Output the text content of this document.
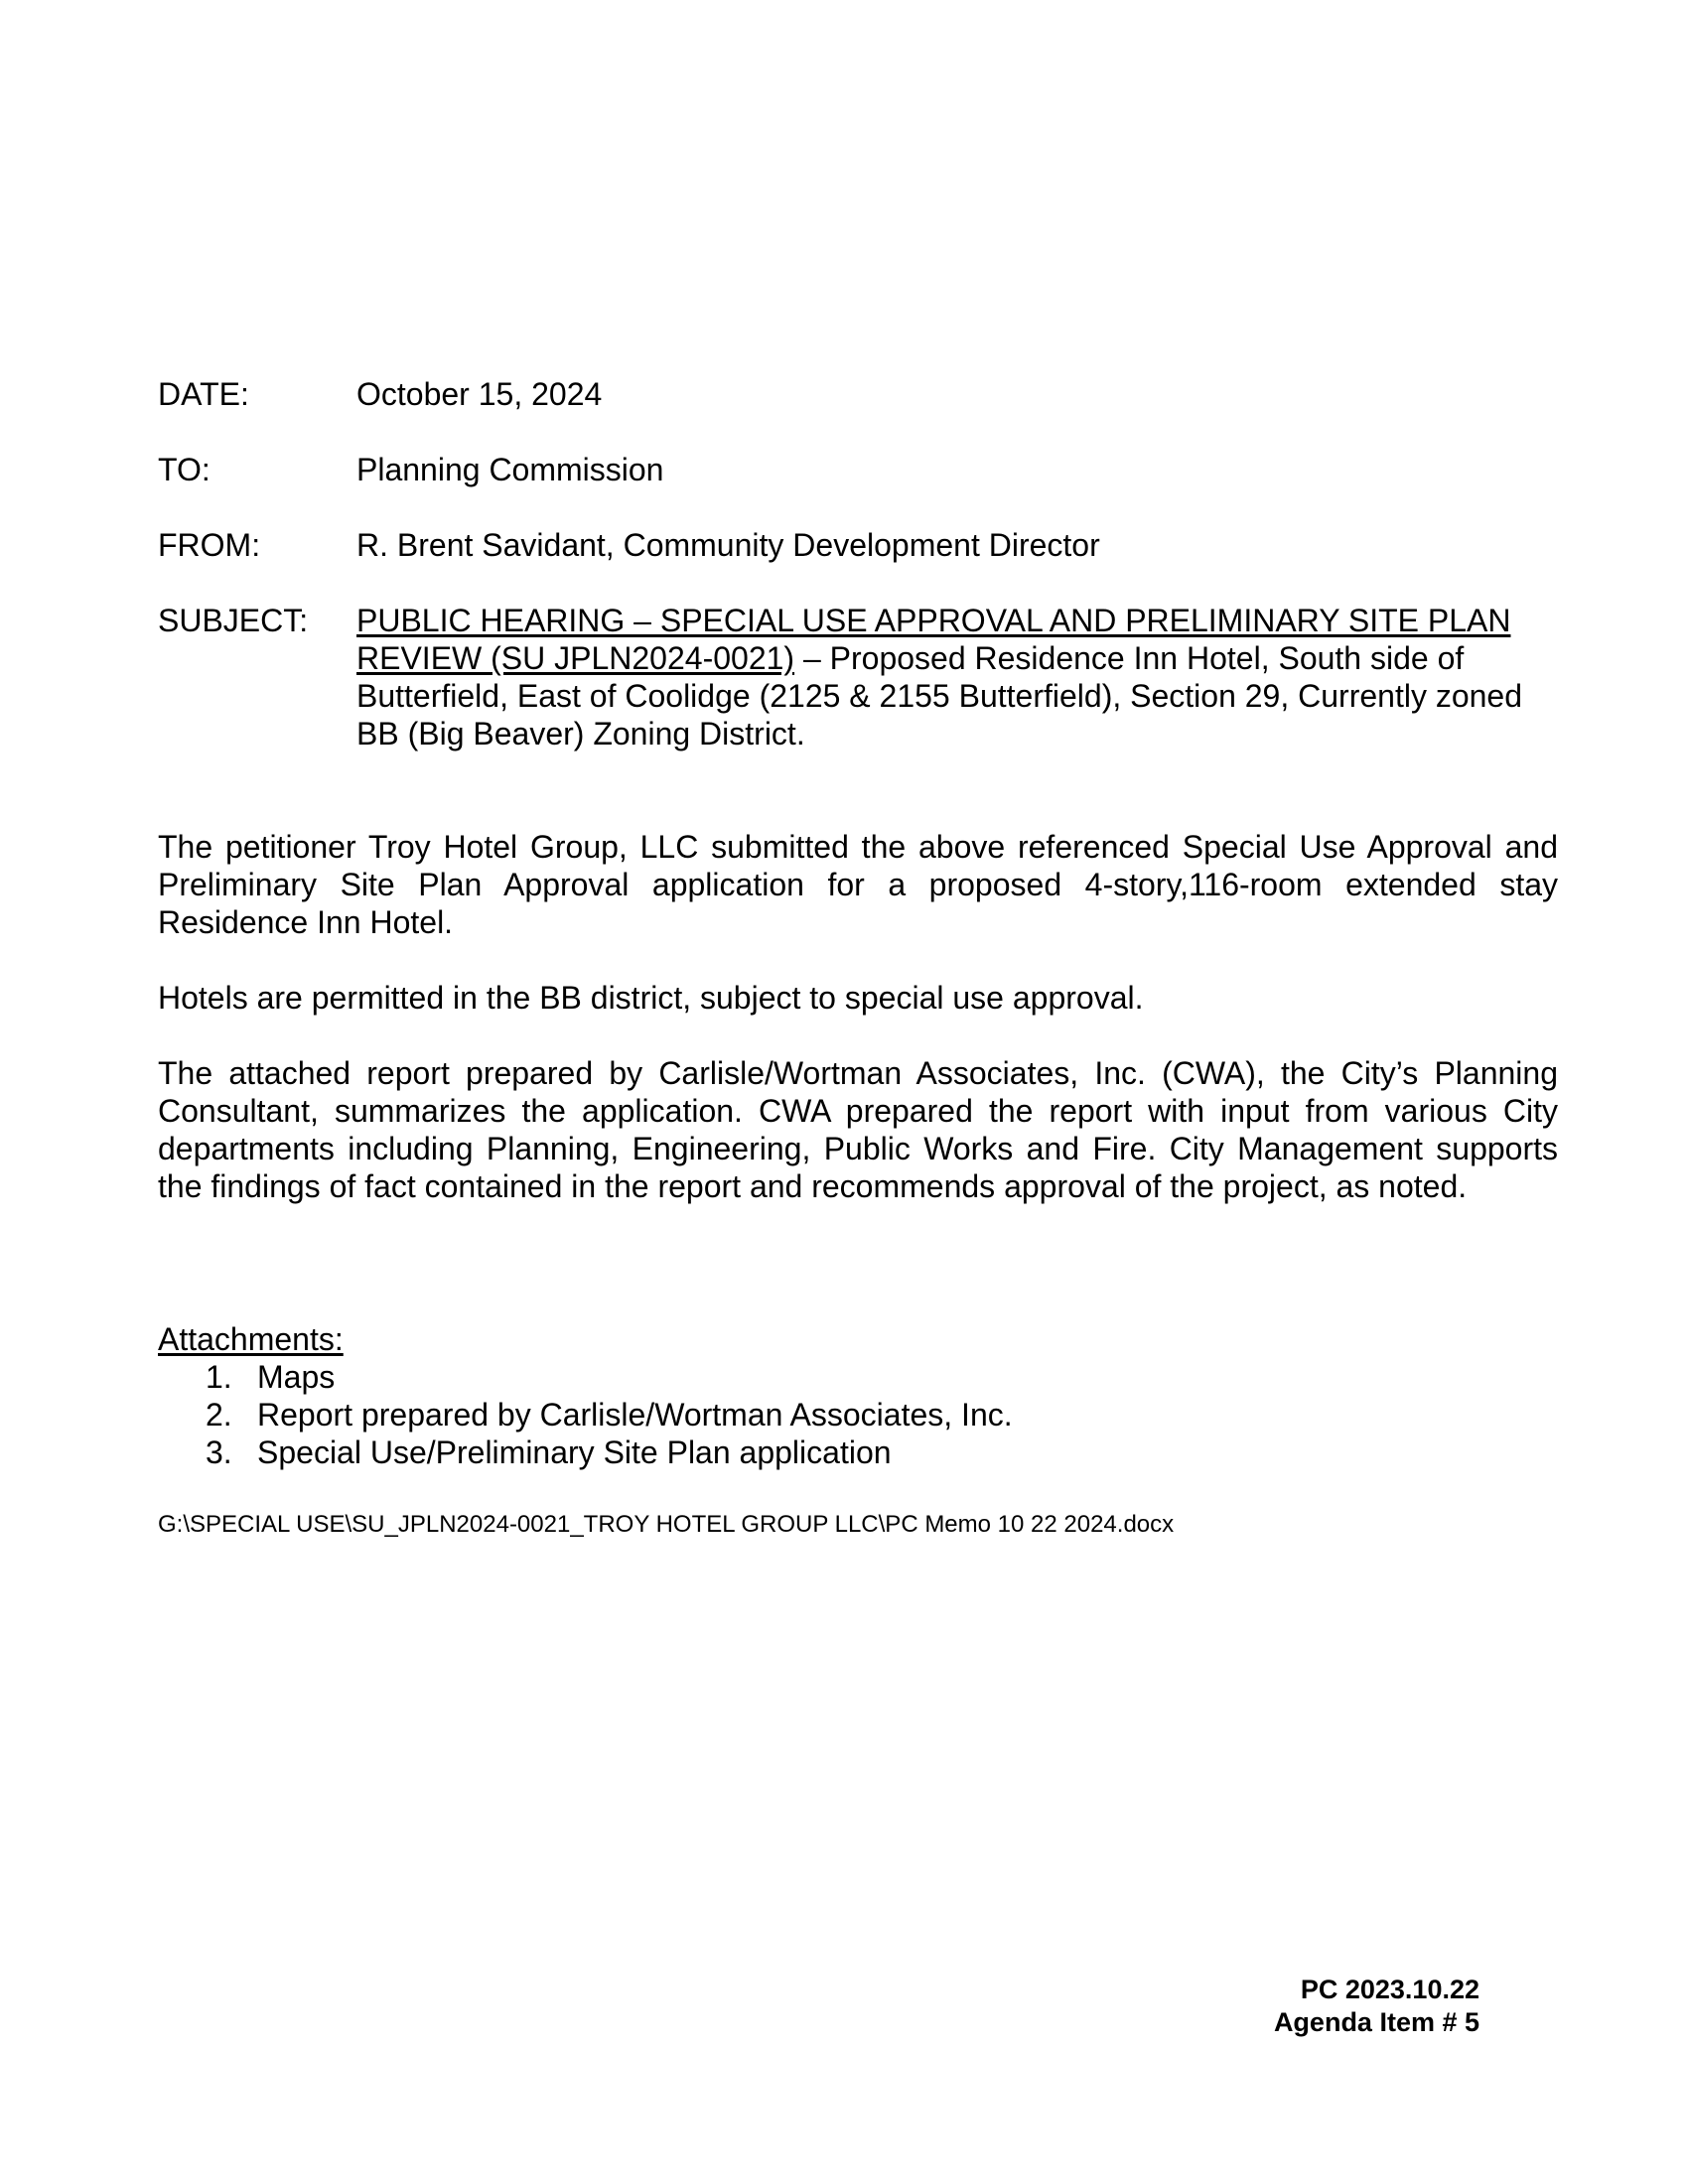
DATE:	October 15, 2024
TO:	Planning Commission
FROM:	R. Brent Savidant, Community Development Director
SUBJECT:	PUBLIC HEARING – SPECIAL USE APPROVAL AND PRELIMINARY SITE PLAN REVIEW (SU JPLN2024-0021) – Proposed Residence Inn Hotel, South side of Butterfield, East of Coolidge (2125 & 2155 Butterfield), Section 29, Currently zoned BB (Big Beaver) Zoning District.

The petitioner Troy Hotel Group, LLC submitted the above referenced Special Use Approval and Preliminary Site Plan Approval application for a proposed 4-story,116-room extended stay Residence Inn Hotel.

Hotels are permitted in the BB district, subject to special use approval.

The attached report prepared by Carlisle/Wortman Associates, Inc. (CWA), the City’s Planning Consultant, summarizes the application. CWA prepared the report with input from various City departments including Planning, Engineering, Public Works and Fire. City Management supports the findings of fact contained in the report and recommends approval of the project, as noted.

Attachments:
1. Maps
2. Report prepared by Carlisle/Wortman Associates, Inc.
3. Special Use/Preliminary Site Plan application
G:\SPECIAL USE\SU_JPLN2024-0021_TROY HOTEL GROUP LLC\PC Memo 10 22 2024.docx
PC 2023.10.22
Agenda Item # 5
